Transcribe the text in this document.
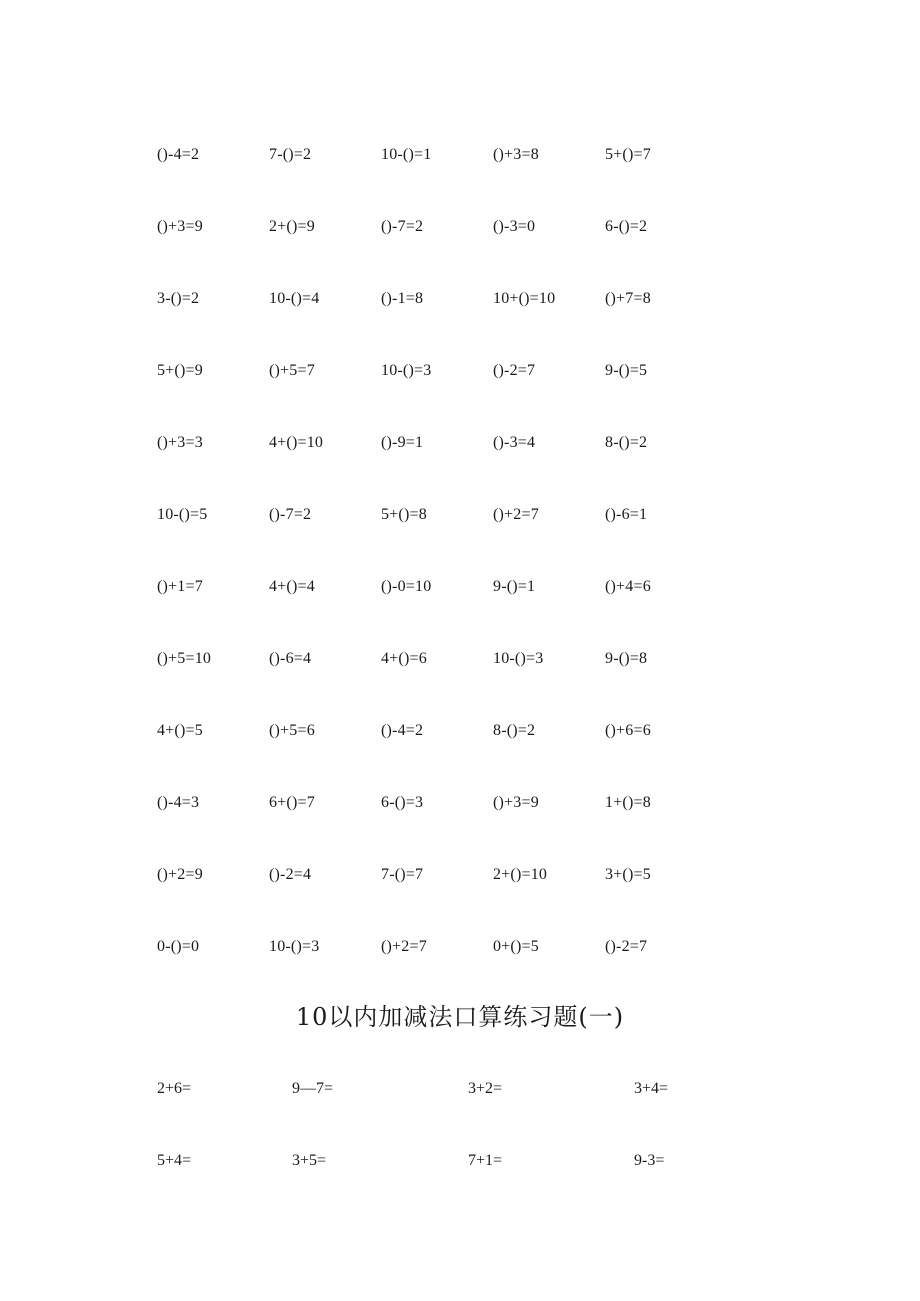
()-4=2	7-()=2	10-()=1	()+3=8	5+()=7
()+3=9	2+()=9	()-7=2	()-3=0	6-()=2
3-()=2	10-()=4	()-1=8	10+()=10	()+7=8
5+()=9	()+5=7	10-()=3	()-2=7	9-()=5
()+3=3	4+()=10	()-9=1	()-3=4	8-()=2
10-()=5	()-7=2	5+()=8	()+2=7	()-6=1
()+1=7	4+()=4	()-0=10	9-()=1	()+4=6
()+5=10	()-6=4	4+()=6	10-()=3	9-()=8
4+()=5	()+5=6	()-4=2	8-()=2	()+6=6
()-4=3	6+()=7	6-()=3	()+3=9	1+()=8
()+2=9	()-2=4	7-()=7	2+()=10	3+()=5
0-()=0	10-()=3	()+2=7	0+()=5	()-2=7
10以内加减法口算练习题(一)
2+6=	9—7=	3+2=	3+4=
5+4=	3+5=	7+1=	9-3=
